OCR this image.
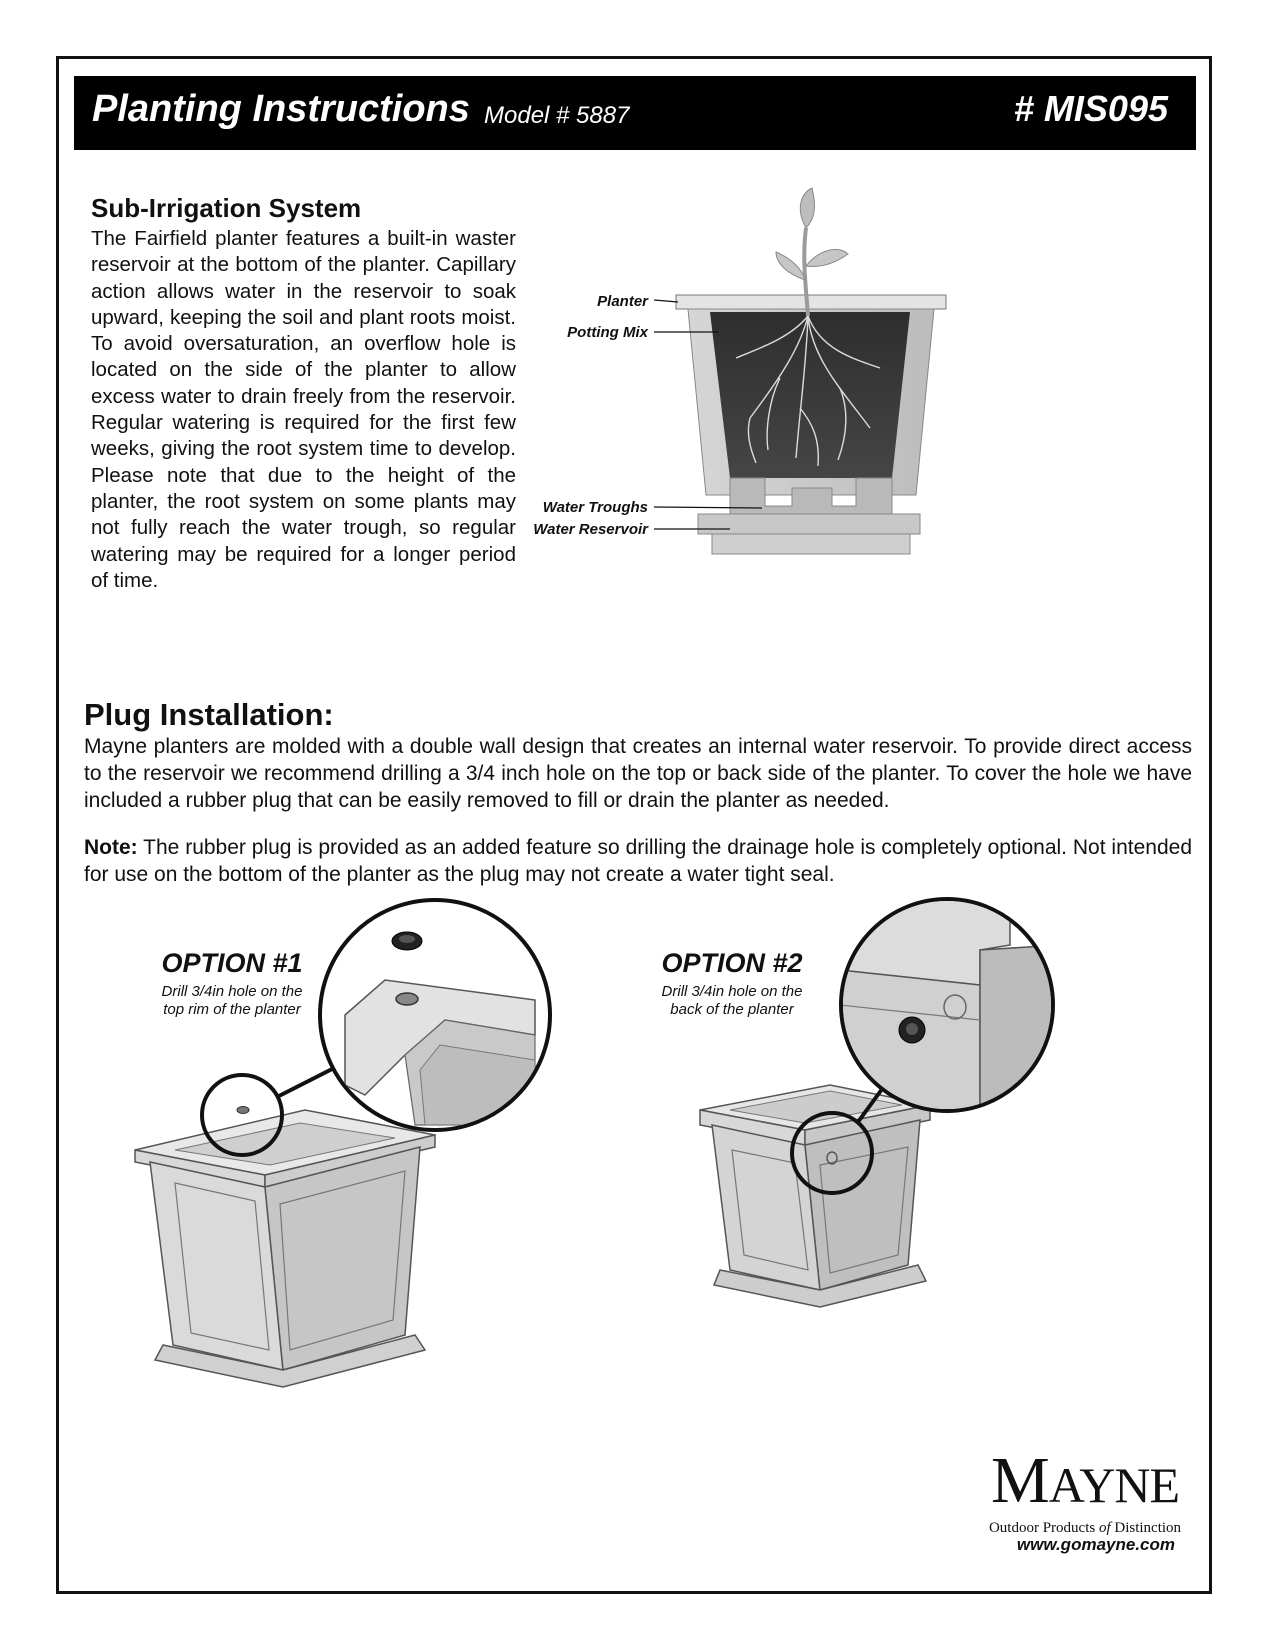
Planting Instructions Model # 5887	# MIS095
Sub-Irrigation System

The Fairfield planter features a built-in waster reservoir at the bottom of the planter. Capillary action allows water in the reservoir to soak upward, keeping the soil and plant roots moist. To avoid oversaturation, an overflow hole is located on the side of the planter to allow excess water to drain freely from the reservoir. Regular watering is required for the first few weeks, giving the root system time to develop. Please note that due to the height of the planter, the root system on some plants may not fully reach the water trough, so regular watering may be required for a longer period of time.

Planter
Potting Mix
Water Troughs
Water Reservoir
Plug Installation:

Mayne planters are molded with a double wall design that creates an internal water reservoir. To provide direct access to the reservoir we recommend drilling a 3/4 inch hole on the top or back side of the planter. To cover the hole we have included a rubber plug that can be easily removed to fill or drain the planter as needed.

Note: The rubber plug is provided as an added feature so drilling the drainage hole is completely optional. Not intended for use on the bottom of the planter as the plug may not create a water tight seal.

OPTION #1
Drill 3/4in hole on the
top rim of the planter
OPTION #2
Drill 3/4in hole on the
back of the planter
MAYNE
Outdoor Products of Distinction
www.gomayne.com
